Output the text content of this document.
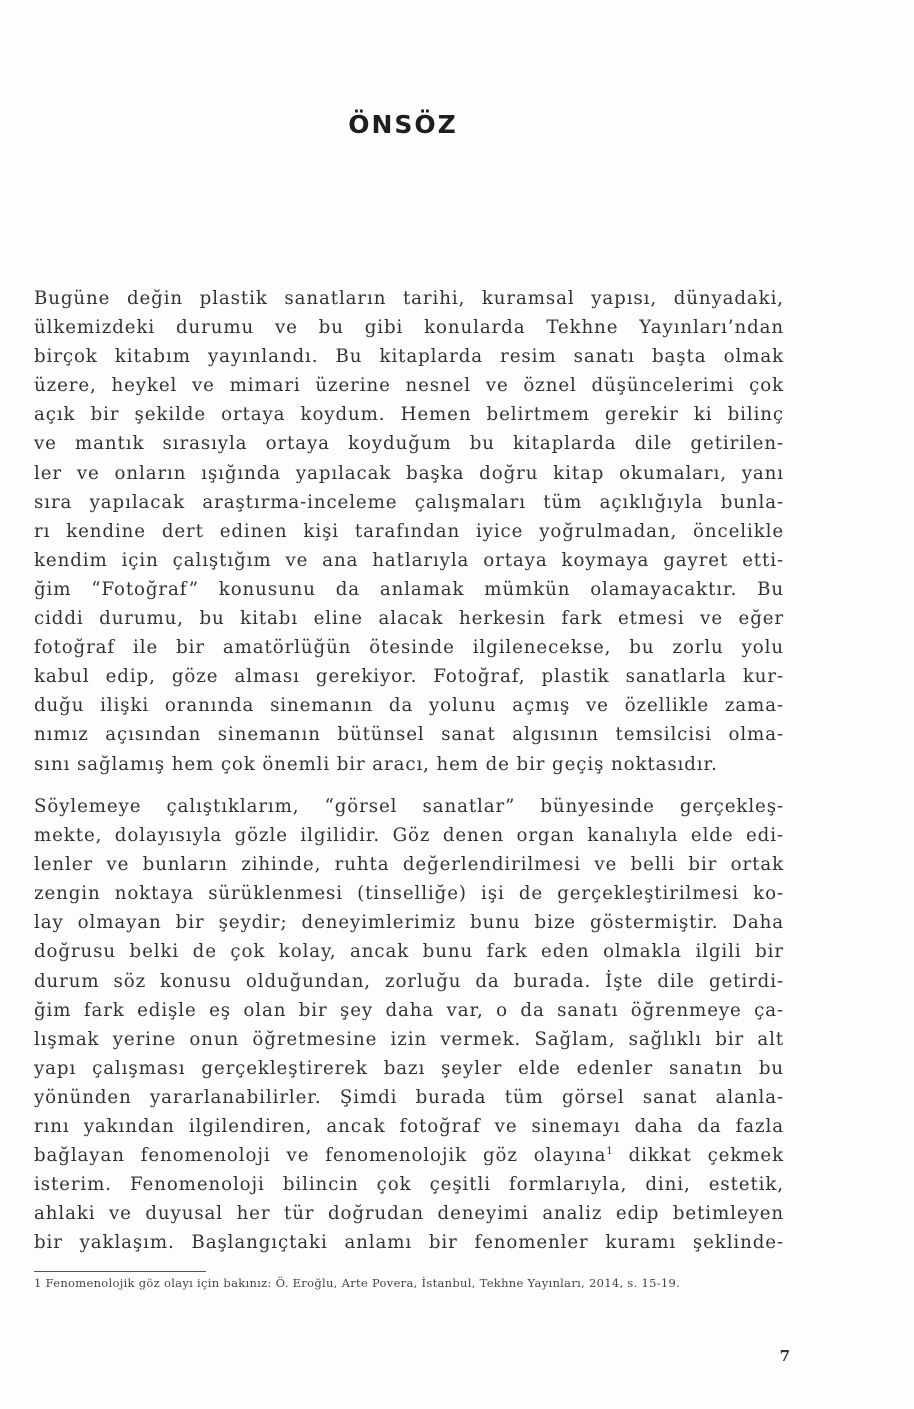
ÖNSÖZ
Bugüne değin plastik sanatların tarihi, kuramsal yapısı, dünyadaki,
ülkemizdeki durumu ve bu gibi konularda Tekhne Yayınları’ndan
birçok kitabım yayınlandı. Bu kitaplarda resim sanatı başta olmak
üzere, heykel ve mimari üzerine nesnel ve öznel düşüncelerimi çok
açık bir şekilde ortaya koydum. Hemen belirtmem gerekir ki bilinç
ve mantık sırasıyla ortaya koyduğum bu kitaplarda dile getirilen-
ler ve onların ışığında yapılacak başka doğru kitap okumaları, yanı
sıra yapılacak araştırma-inceleme çalışmaları tüm açıklığıyla bunla-
rı kendine dert edinen kişi tarafından iyice yoğrulmadan, öncelikle
kendim için çalıştığım ve ana hatlarıyla ortaya koymaya gayret etti-
ğim “Fotoğraf” konusunu da anlamak mümkün olamayacaktır. Bu
ciddi durumu, bu kitabı eline alacak herkesin fark etmesi ve eğer
fotoğraf ile bir amatörlüğün ötesinde ilgilenecekse, bu zorlu yolu
kabul edip, göze alması gerekiyor. Fotoğraf, plastik sanatlarla kur-
duğu ilişki oranında sinemanın da yolunu açmış ve özellikle zama-
nımız açısından sinemanın bütünsel sanat algısının temsilcisi olma-
sını sağlamış hem çok önemli bir aracı, hem de bir geçiş noktasıdır.
Söylemeye çalıştıklarım, “görsel sanatlar” bünyesinde gerçekleş-
mekte, dolayısıyla gözle ilgilidir. Göz denen organ kanalıyla elde edi-
lenler ve bunların zihinde, ruhta değerlendirilmesi ve belli bir ortak
zengin noktaya sürüklenmesi (tinselliğe) işi de gerçekleştirilmesi ko-
lay olmayan bir şeydir; deneyimlerimiz bunu bize göstermiştir. Daha
doğrusu belki de çok kolay, ancak bunu fark eden olmakla ilgili bir
durum söz konusu olduğundan, zorluğu da burada. İşte dile getirdi-
ğim fark edişle eş olan bir şey daha var, o da sanatı öğrenmeye ça-
lışmak yerine onun öğretmesine izin vermek. Sağlam, sağlıklı bir alt
yapı çalışması gerçekleştirerek bazı şeyler elde edenler sanatın bu
yönünden yararlanabilirler. Şimdi burada tüm görsel sanat alanla-
rını yakından ilgilendiren, ancak fotoğraf ve sinemayı daha da fazla
bağlayan fenomenoloji ve fenomenolojik göz olayına$^1$ dikkat çekmek
isterim. Fenomenoloji bilincin çok çeşitli formlarıyla, dini, estetik,
ahlaki ve duyusal her tür doğrudan deneyimi analiz edip betimleyen
bir yaklaşım. Başlangıçtaki anlamı bir fenomenler kuramı şeklinde-

1 Fenomenolojik göz olayı için bakınız: Ö. Eroğlu, Arte Povera, İstanbul, Tekhne Yayınları, 2014, s. 15-19.

7
